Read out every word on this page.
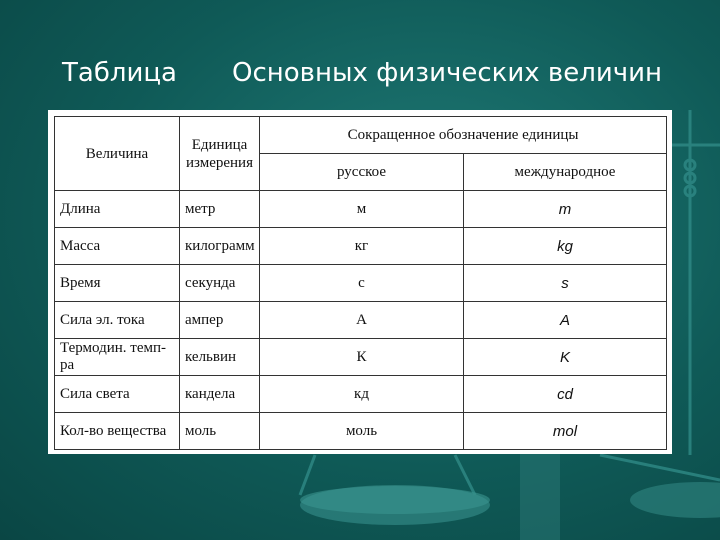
Таблица Основных физических величин
Величина	Единица измерения	Сокращенное обозначение единицы	
		русское	международное
Длина	метр	м	m
Масса	килограмм	кг	kg
Время	секунда	с	s
Сила эл. тока	ампер	А	A
Термодин. темп-ра	кельвин	К	K
Сила света	кандела	кд	cd
Кол-во вещества	моль	моль	mol
